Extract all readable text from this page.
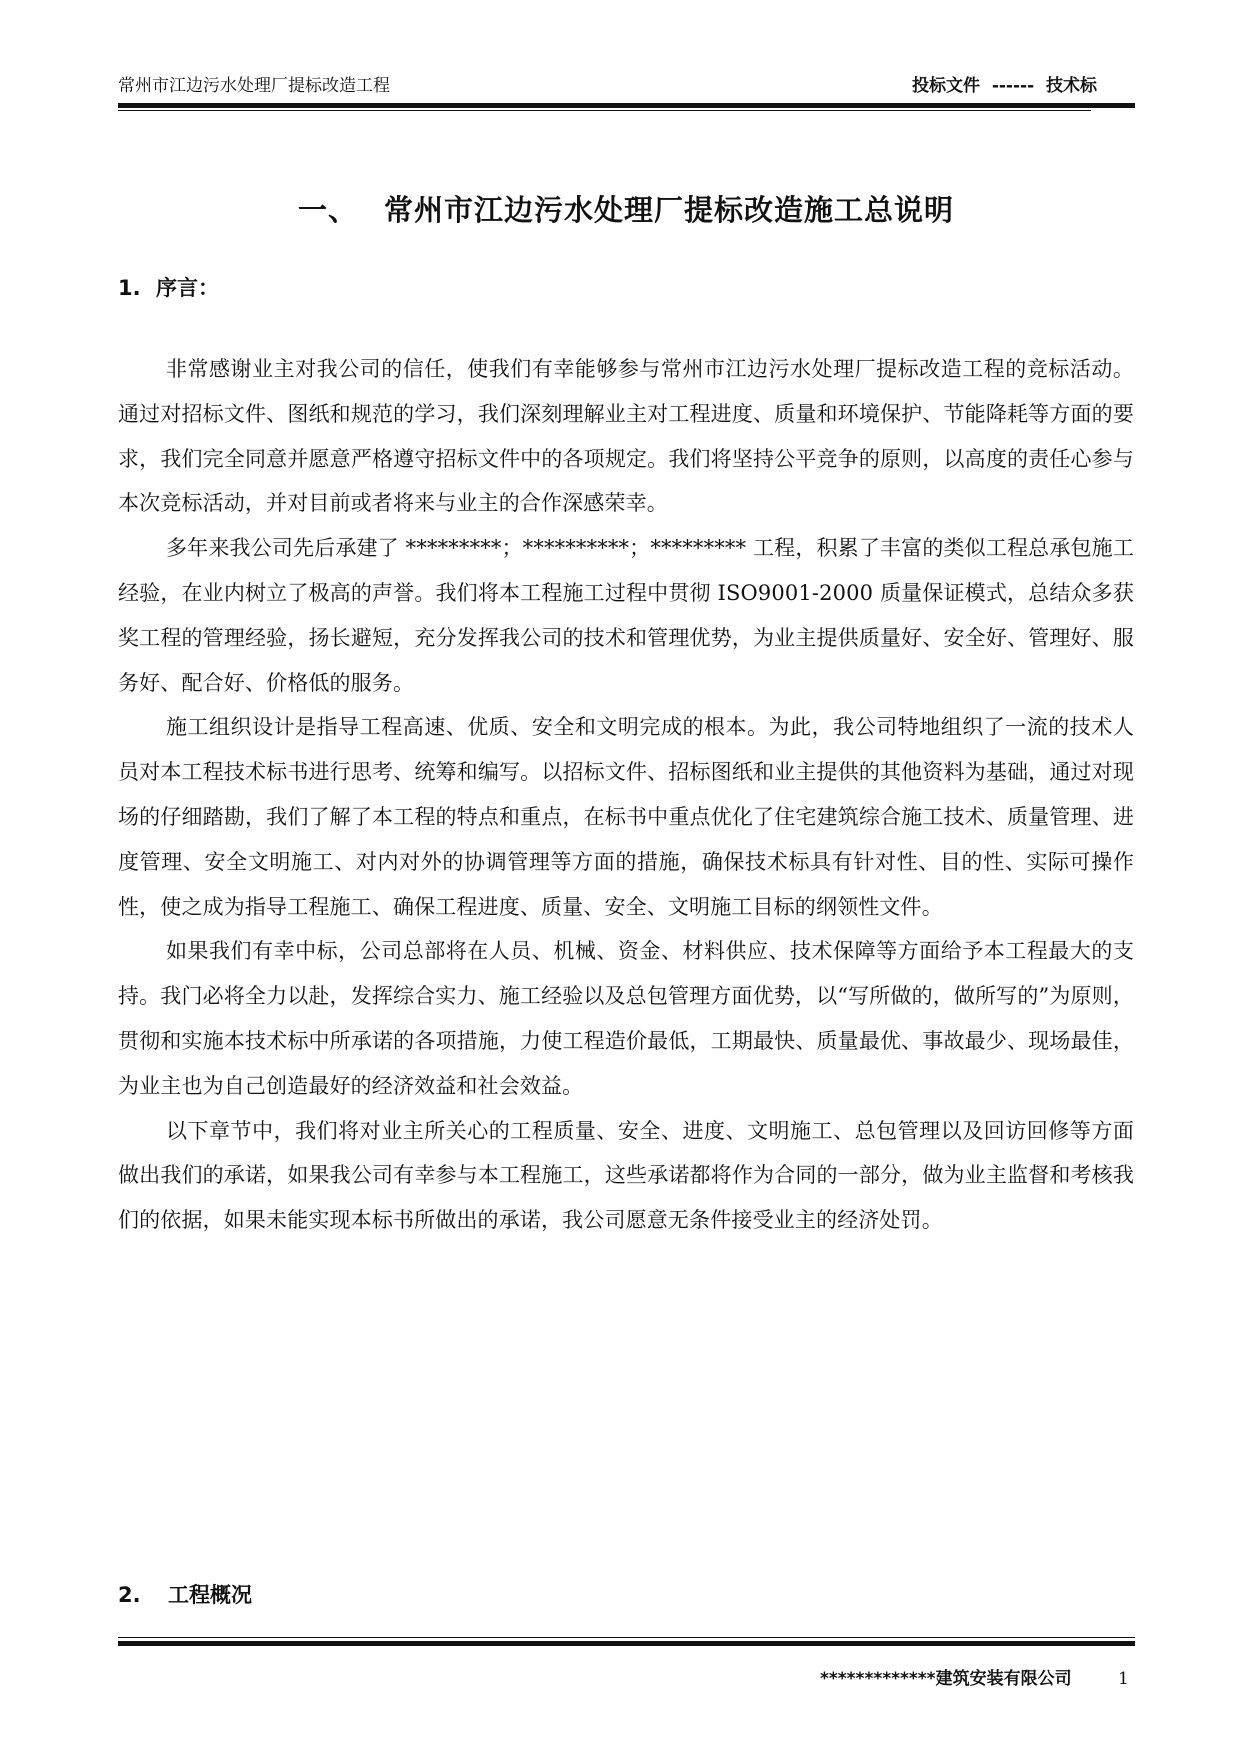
常州市江边污水处理厂提标改造工程	投标文件  ------  技术标
一、 常州市江边污水处理厂提标改造施工总说明
1. 序言：

非常感谢业主对我公司的信任，使我们有幸能够参与常州市江边污水处理厂提标改造工程的竞标活动。通过对招标文件、图纸和规范的学习，我们深刻理解业主对工程进度、质量和环境保护、节能降耗等方面的要求，我们完全同意并愿意严格遵守招标文件中的各项规定。我们将坚持公平竞争的原则，以高度的责任心参与本次竞标活动，并对目前或者将来与业主的合作深感荣幸。

多年来我公司先后承建了 *********；**********；********* 工程，积累了丰富的类似工程总承包施工经验，在业内树立了极高的声誉。我们将本工程施工过程中贯彻 ISO9001-2000 质量保证模式，总结众多获奖工程的管理经验，扬长避短，充分发挥我公司的技术和管理优势，为业主提供质量好、安全好、管理好、服务好、配合好、价格低的服务。

施工组织设计是指导工程高速、优质、安全和文明完成的根本。为此，我公司特地组织了一流的技术人员对本工程技术标书进行思考、统筹和编写。以招标文件、招标图纸和业主提供的其他资料为基础，通过对现场的仔细踏勘，我们了解了本工程的特点和重点，在标书中重点优化了住宅建筑综合施工技术、质量管理、进度管理、安全文明施工、对内对外的协调管理等方面的措施，确保技术标具有针对性、目的性、实际可操作性，使之成为指导工程施工、确保工程进度、质量、安全、文明施工目标的纲领性文件。

如果我们有幸中标，公司总部将在人员、机械、资金、材料供应、技术保障等方面给予本工程最大的支持。我门必将全力以赴，发挥综合实力、施工经验以及总包管理方面优势，以“写所做的，做所写的”为原则，贯彻和实施本技术标中所承诺的各项措施，力使工程造价最低，工期最快、质量最优、事故最少、现场最佳，为业主也为自己创造最好的经济效益和社会效益。

以下章节中，我们将对业主所关心的工程质量、安全、进度、文明施工、总包管理以及回访回修等方面做出我们的承诺，如果我公司有幸参与本工程施工，这些承诺都将作为合同的一部分，做为业主监督和考核我们的依据，如果未能实现本标书所做出的承诺，我公司愿意无条件接受业主的经济处罚。

2. 工程概况
*************建筑安装有限公司	1
